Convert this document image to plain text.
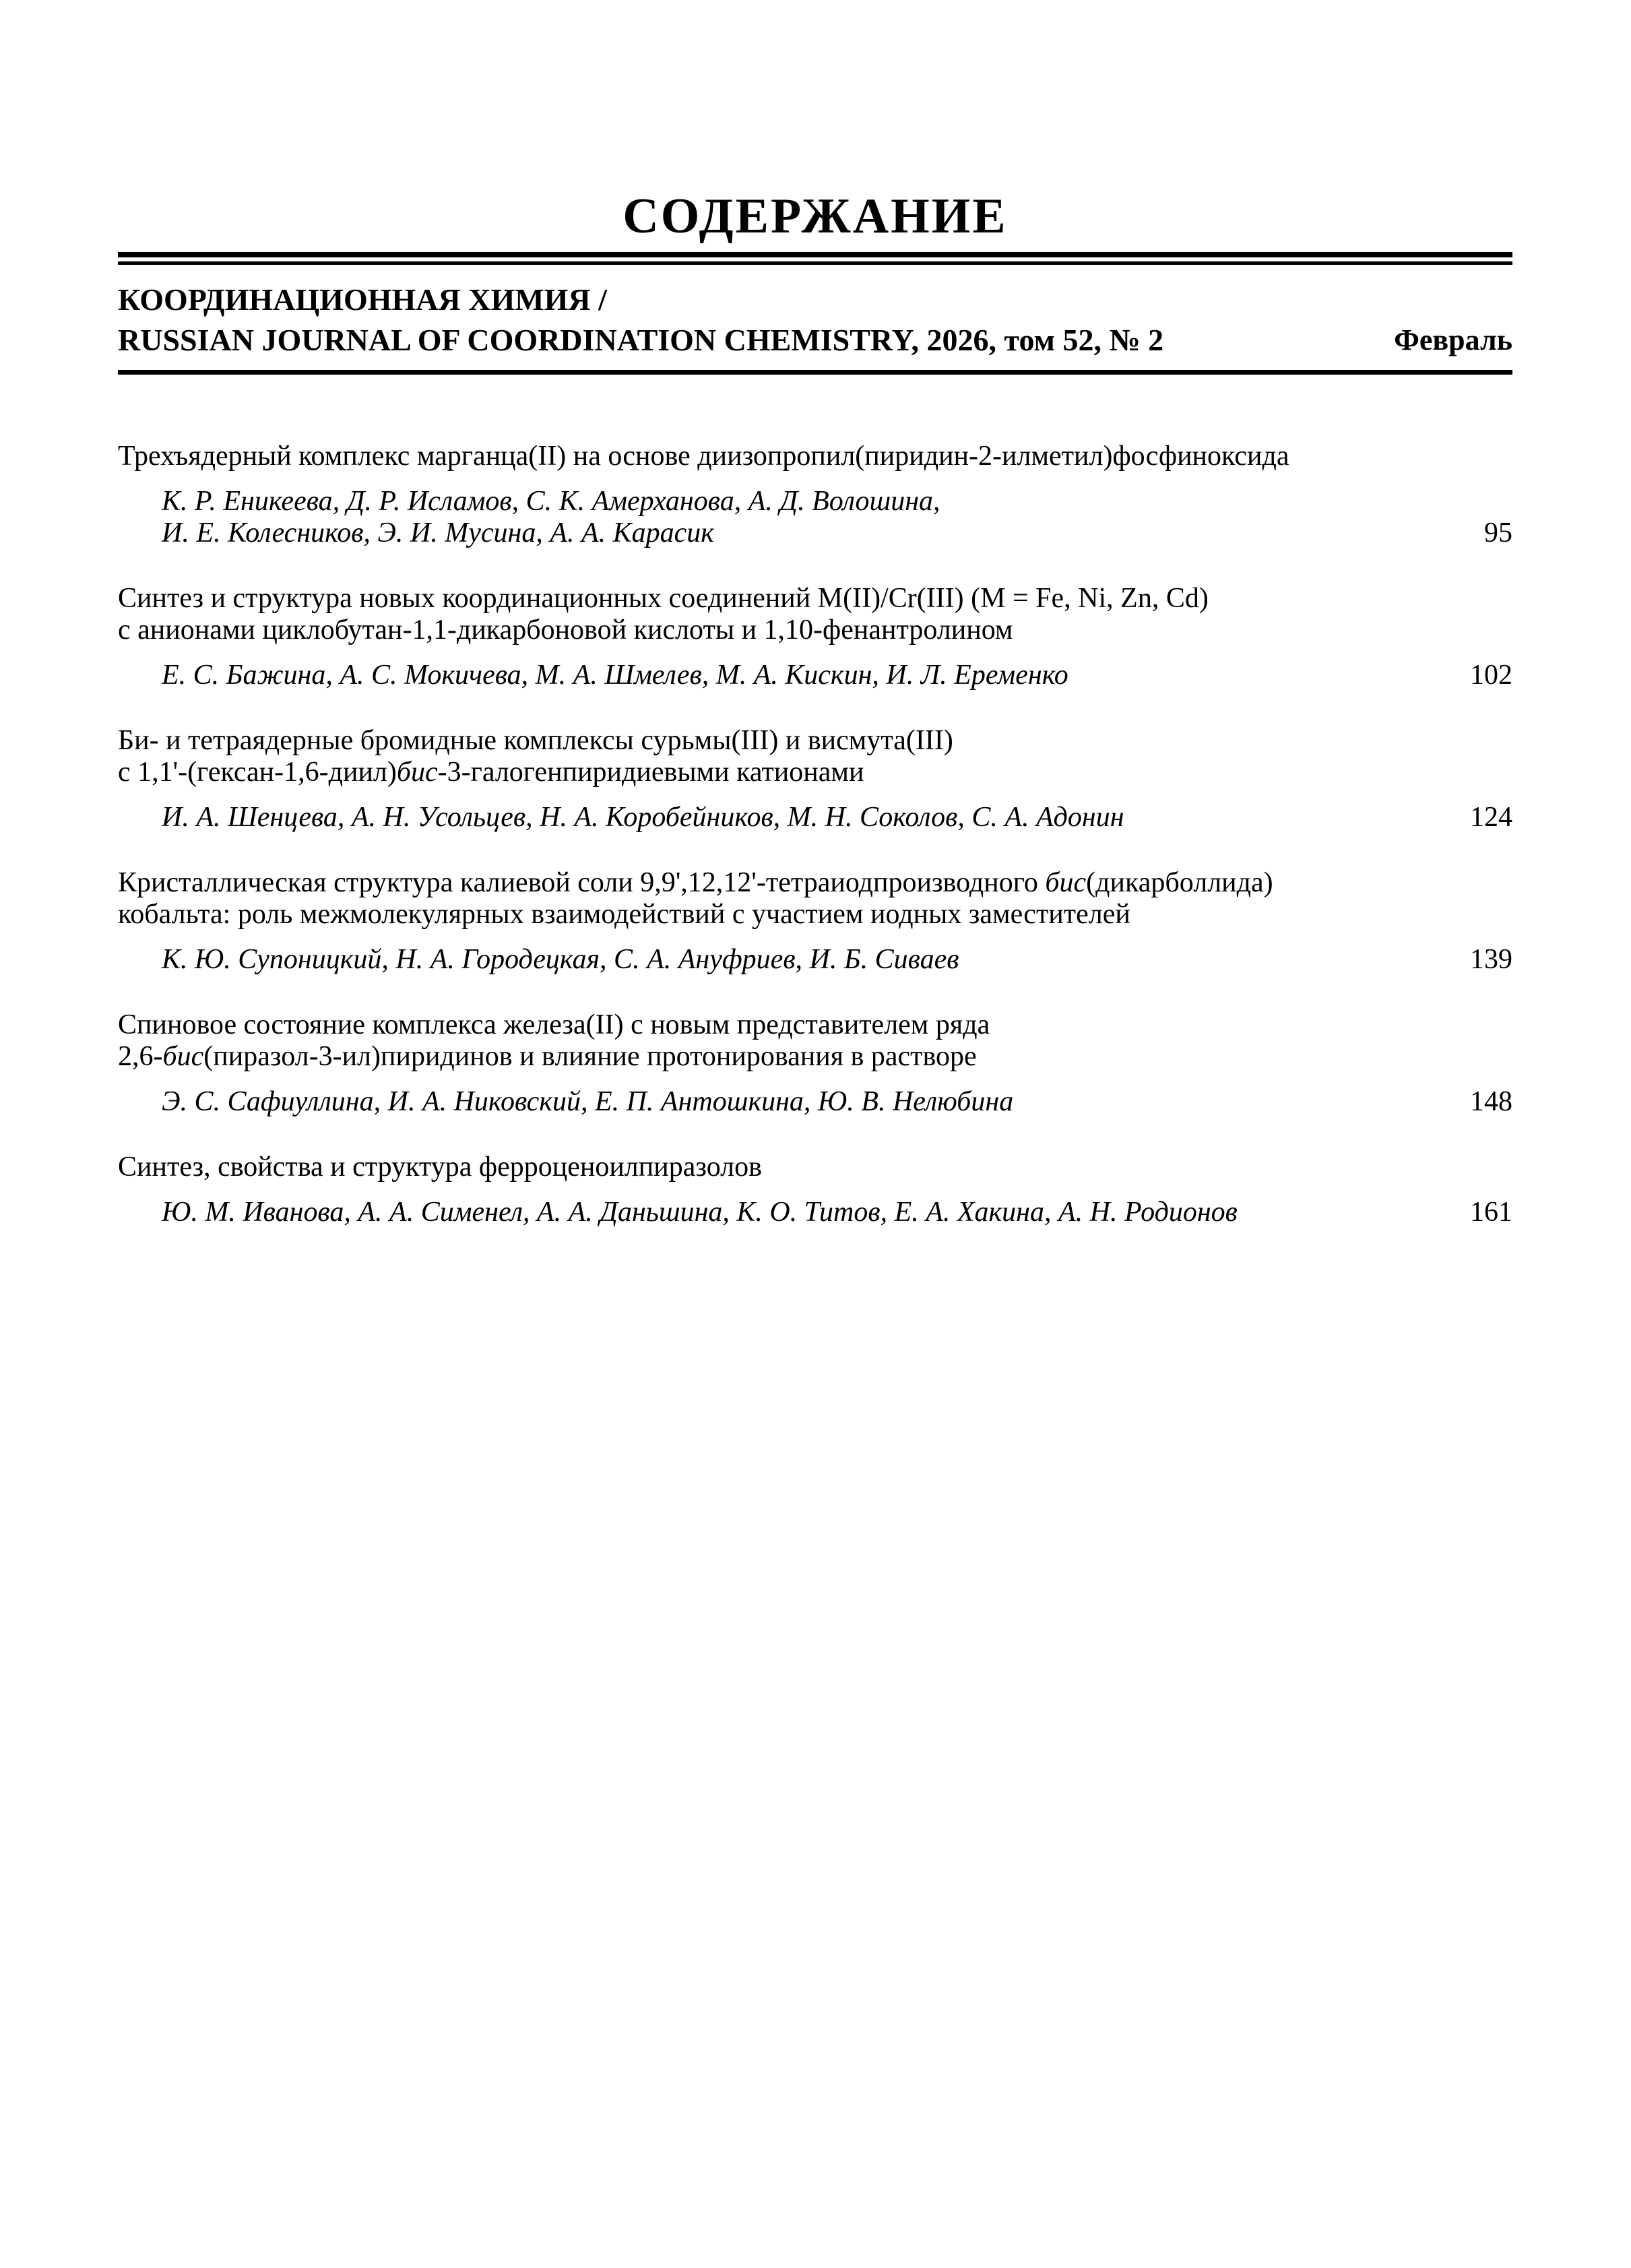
СОДЕРЖАНИЕ
КООРДИНАЦИОННАЯ ХИМИЯ /
RUSSIAN JOURNAL OF COORDINATION CHEMISTRY, 2026, том 52, № 2	Февраль
Трехъядерный комплекс марганца(II) на основе диизопропил(пиридин-2-илметил)фосфиноксида
К. Р. Еникеева, Д. Р. Исламов, С. К. Амерханова, А. Д. Волошина,
И. Е. Колесников, Э. И. Мусина, А. А. Карасик	95
Синтез и структура новых координационных соединений M(II)/Cr(III) (M = Fe, Ni, Zn, Cd)
с анионами циклобутан-1,1-дикарбоновой кислоты и 1,10-фенантролином
Е. С. Бажина, А. С. Мокичева, М. А. Шмелев, М. А. Кискин, И. Л. Еременко	102
Би- и тетраядерные бромидные комплексы сурьмы(III) и висмута(III)
с 1,1'-(гексан-1,6-диил)бис-3-галогенпиридиевыми катионами
И. А. Шенцева, А. Н. Усольцев, Н. А. Коробейников, М. Н. Соколов, С. А. Адонин	124
Кристаллическая структура калиевой соли 9,9',12,12'-тетраиодпроизводного бис(дикарболлида)
кобальта: роль межмолекулярных взаимодействий с участием иодных заместителей
К. Ю. Супоницкий, Н. А. Городецкая, С. А. Ануфриев, И. Б. Сиваев	139
Спиновое состояние комплекса железа(II) с новым представителем ряда
2,6-бис(пиразол-3-ил)пиридинов и влияние протонирования в растворе
Э. С. Сафиуллина, И. А. Никовский, Е. П. Антошкина, Ю. В. Нелюбина	148
Синтез, свойства и структура ферроценоилпиразолов
Ю. М. Иванова, А. А. Сименел, А. А. Даньшина, К. О. Титов, Е. А. Хакина, А. Н. Родионов	161
